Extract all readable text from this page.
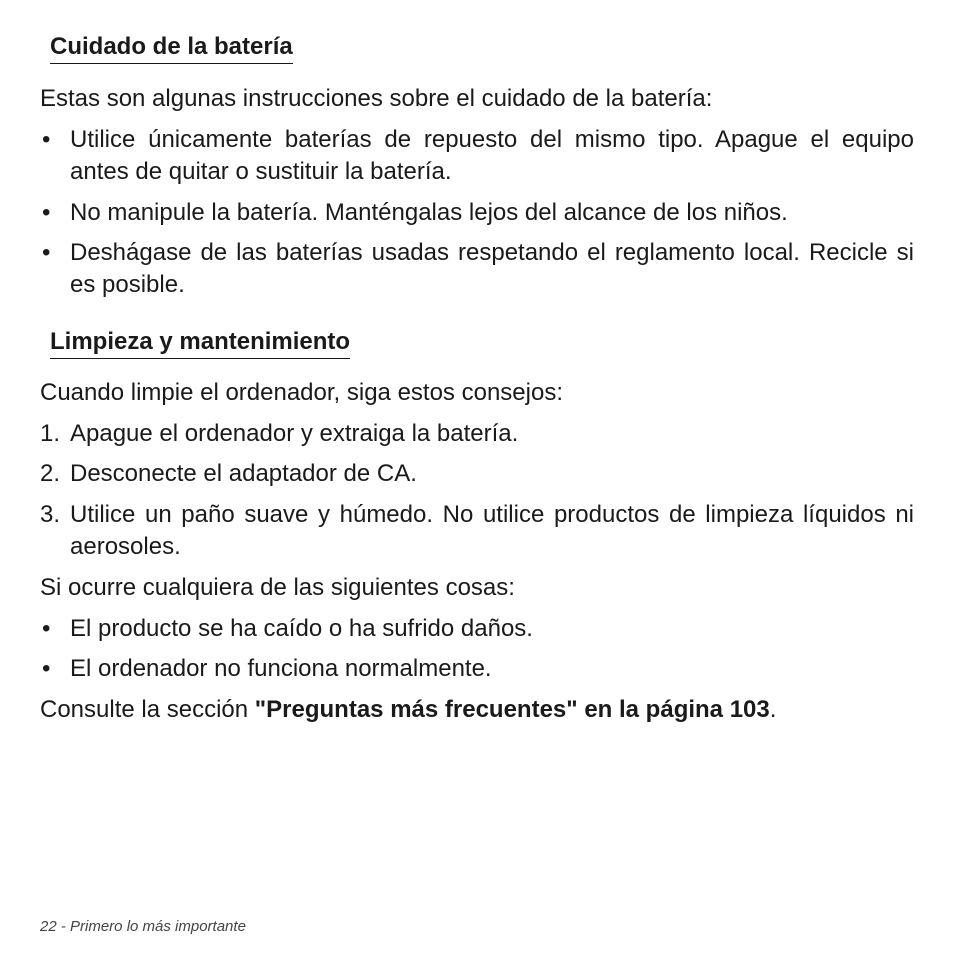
Cuidado de la batería
Estas son algunas instrucciones sobre el cuidado de la batería:
• Utilice únicamente baterías de repuesto del mismo tipo. Apague el equipo antes de quitar o sustituir la batería.
• No manipule la batería. Manténgalas lejos del alcance de los niños.
• Deshágase de las baterías usadas respetando el reglamento local. Recicle si es posible.
Limpieza y mantenimiento
Cuando limpie el ordenador, siga estos consejos:
1. Apague el ordenador y extraiga la batería.
2. Desconecte el adaptador de CA.
3. Utilice un paño suave y húmedo. No utilice productos de limpieza líquidos ni aerosoles.
Si ocurre cualquiera de las siguientes cosas:
• El producto se ha caído o ha sufrido daños.
• El ordenador no funciona normalmente.
Consulte la sección "Preguntas más frecuentes" en la página 103.
22 - Primero lo más importante
